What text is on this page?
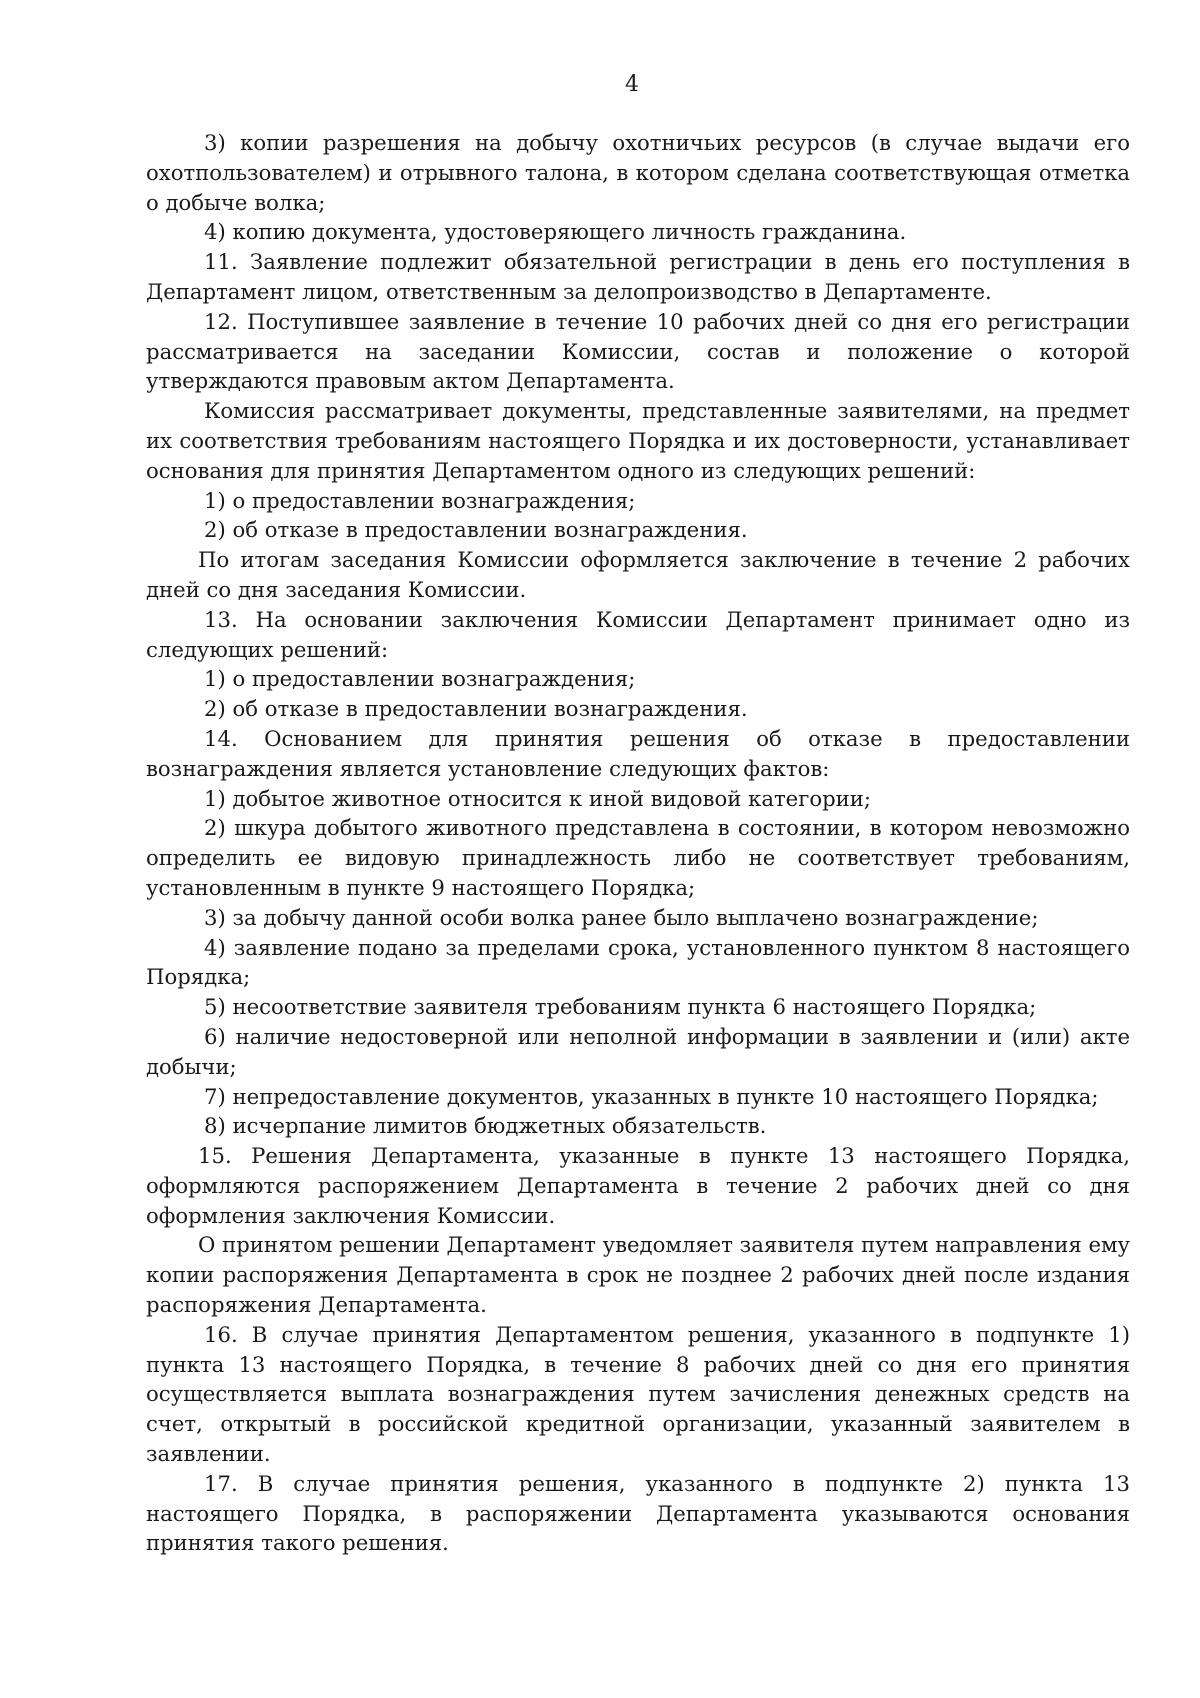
4

3) копии разрешения на добычу охотничьих ресурсов (в случае выдачи его охотпользователем) и отрывного талона, в котором сделана соответствующая отметка о добыче волка;

4) копию документа, удостоверяющего личность гражданина.

11. Заявление подлежит обязательной регистрации в день его поступления в Департамент лицом, ответственным за делопроизводство в Департаменте.

12. Поступившее заявление в течение 10 рабочих дней со дня его регистрации рассматривается на заседании Комиссии, состав и положение о которой утверждаются правовым актом Департамента.

Комиссия рассматривает документы, представленные заявителями, на предмет их соответствия требованиям настоящего Порядка и их достоверности, устанавливает основания для принятия Департаментом одного из следующих решений:

1) о предоставлении вознаграждения;

2) об отказе в предоставлении вознаграждения.

По итогам заседания Комиссии оформляется заключение в течение 2 рабочих дней со дня заседания Комиссии.

13. На основании заключения Комиссии Департамент принимает одно из следующих решений:

1) о предоставлении вознаграждения;

2) об отказе в предоставлении вознаграждения.

14. Основанием для принятия решения об отказе в предоставлении вознаграждения является установление следующих фактов:

1) добытое животное относится к иной видовой категории;

2) шкура добытого животного представлена в состоянии, в котором невозможно определить ее видовую принадлежность либо не соответствует требованиям, установленным в пункте 9 настоящего Порядка;

3) за добычу данной особи волка ранее было выплачено вознаграждение;

4) заявление подано за пределами срока, установленного пунктом 8 настоящего Порядка;

5) несоответствие заявителя требованиям пункта 6 настоящего Порядка;

6) наличие недостоверной или неполной информации в заявлении и (или) акте добычи;

7) непредоставление документов, указанных в пункте 10 настоящего Порядка;

8) исчерпание лимитов бюджетных обязательств.

15. Решения Департамента, указанные в пункте 13 настоящего Порядка, оформляются распоряжением Департамента в течение 2 рабочих дней со дня оформления заключения Комиссии.

О принятом решении Департамент уведомляет заявителя путем направления ему копии распоряжения Департамента в срок не позднее 2 рабочих дней после издания распоряжения Департамента.

16. В случае принятия Департаментом решения, указанного в подпункте 1) пункта 13 настоящего Порядка, в течение 8 рабочих дней со дня его принятия осуществляется выплата вознаграждения путем зачисления денежных средств на счет, открытый в российской кредитной организации, указанный заявителем в заявлении.

17. В случае принятия решения, указанного в подпункте 2) пункта 13 настоящего Порядка, в распоряжении Департамента указываются основания принятия такого решения.
